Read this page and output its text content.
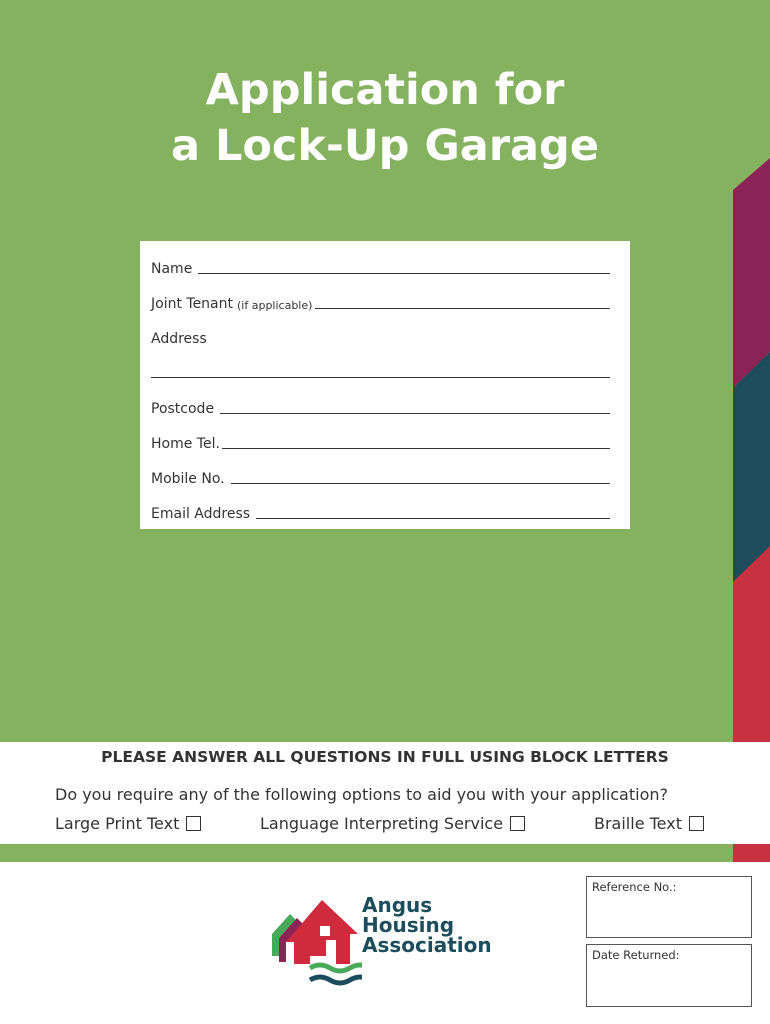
Application for
a Lock-Up Garage
Name
Joint Tenant (if applicable)
Address
Postcode
Home Tel.
Mobile No.
Email Address
PLEASE ANSWER ALL QUESTIONS IN FULL USING BLOCK LETTERS
Do you require any of the following options to aid you with your application?
Large Print Text	Language Interpreting Service	Braille Text
Angus
Housing
Association
Reference No.:
Date Returned:
